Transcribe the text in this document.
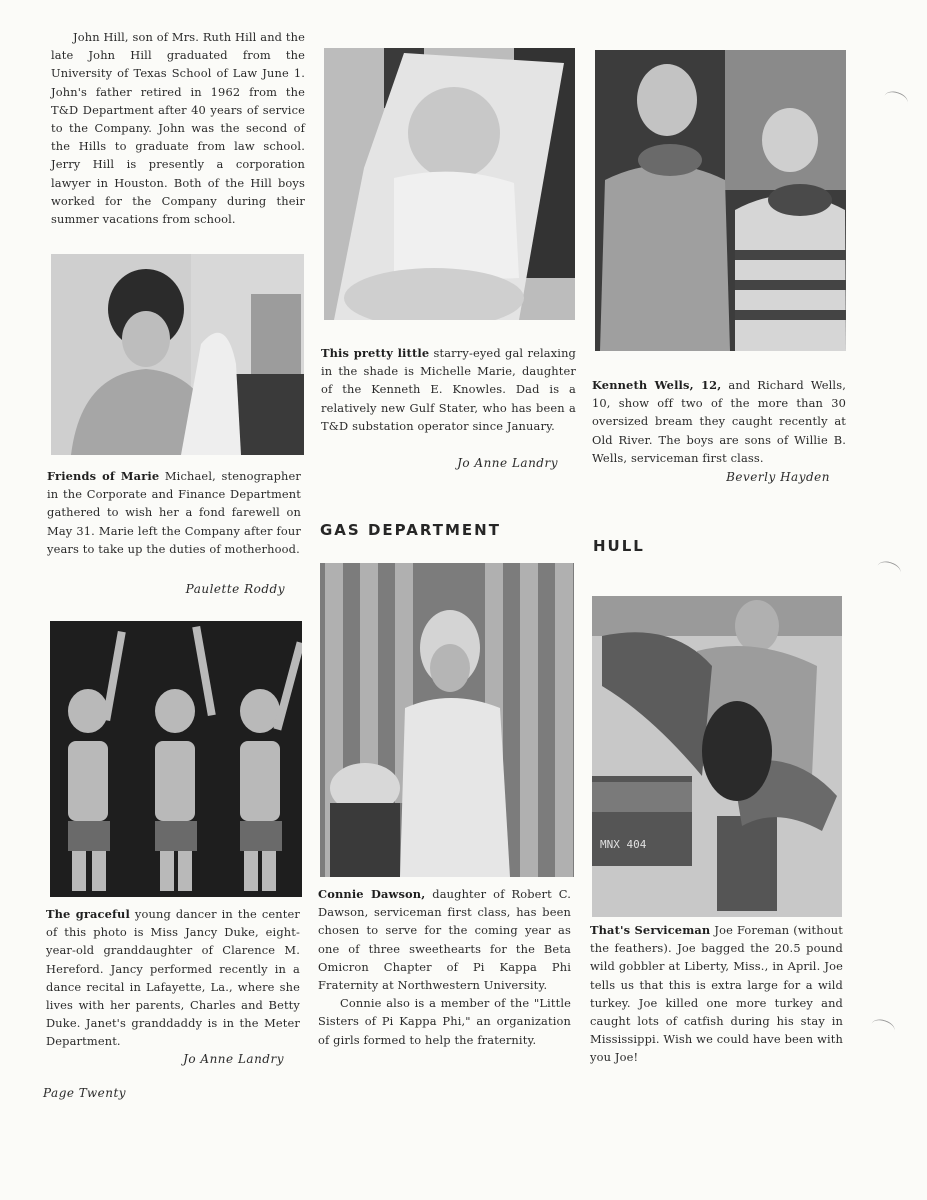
John Hill, son of Mrs. Ruth Hill and the late John Hill graduated from the University of Texas School of Law June 1. John's father retired in 1962 from the T&D Department after 40 years of service to the Company. John was the second of the Hills to graduate from law school. Jerry Hill is presently a corporation lawyer in Houston. Both of the Hill boys worked for the Company during their summer vacations from school.
Friends of Marie Michael, stenographer in the Corporate and Finance Department gathered to wish her a fond farewell on May 31. Marie left the Company after four years to take up the duties of motherhood.
Paulette Roddy
The graceful young dancer in the center of this photo is Miss Jancy Duke, eight-year-old granddaughter of Clarence M. Hereford. Jancy performed recently in a dance recital in Lafayette, La., where she lives with her parents, Charles and Betty Duke. Janet's granddaddy is in the Meter Department.
Jo Anne Landry
Page Twenty
This pretty little starry-eyed gal relaxing in the shade is Michelle Marie, daughter of the Kenneth E. Knowles. Dad is a relatively new Gulf Stater, who has been a T&D substation operator since January.
Jo Anne Landry
GAS DEPARTMENT
Connie Dawson, daughter of Robert C. Dawson, serviceman first class, has been chosen to serve for the coming year as one of three sweethearts for the Beta Omicron Chapter of Pi Kappa Phi Fraternity at Northwestern University.
Connie also is a member of the "Little Sisters of Pi Kappa Phi," an organization of girls formed to help the fraternity.
Kenneth Wells, 12, and Richard Wells, 10, show off two of the more than 30 oversized bream they caught recently at Old River. The boys are sons of Willie B. Wells, serviceman first class.
Beverly Hayden
HULL
MNX 404
That's Serviceman Joe Foreman (without the feathers). Joe bagged the 20.5 pound wild gobbler at Liberty, Miss., in April. Joe tells us that this is extra large for a wild turkey. Joe killed one more turkey and caught lots of catfish during his stay in Mississippi. Wish we could have been with you Joe!
